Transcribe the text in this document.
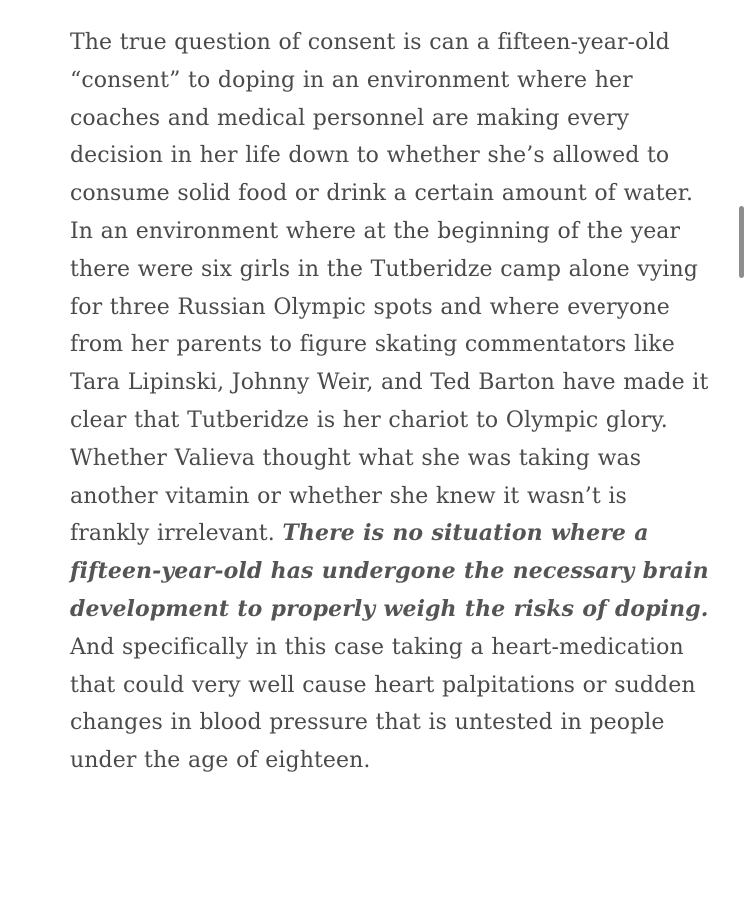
The true question of consent is can a fifteen-year-old “consent” to doping in an environment where her coaches and medical personnel are making every decision in her life down to whether she’s allowed to consume solid food or drink a certain amount of water. In an environment where at the beginning of the year there were six girls in the Tutberidze camp alone vying for three Russian Olympic spots and where everyone from her parents to figure skating commentators like Tara Lipinski, Johnny Weir, and Ted Barton have made it clear that Tutberidze is her chariot to Olympic glory. Whether Valieva thought what she was taking was another vitamin or whether she knew it wasn’t is frankly irrelevant. There is no situation where a fifteen-year-old has undergone the necessary brain development to properly weigh the risks of doping. And specifically in this case taking a heart-medication that could very well cause heart palpitations or sudden changes in blood pressure that is untested in people under the age of eighteen.
